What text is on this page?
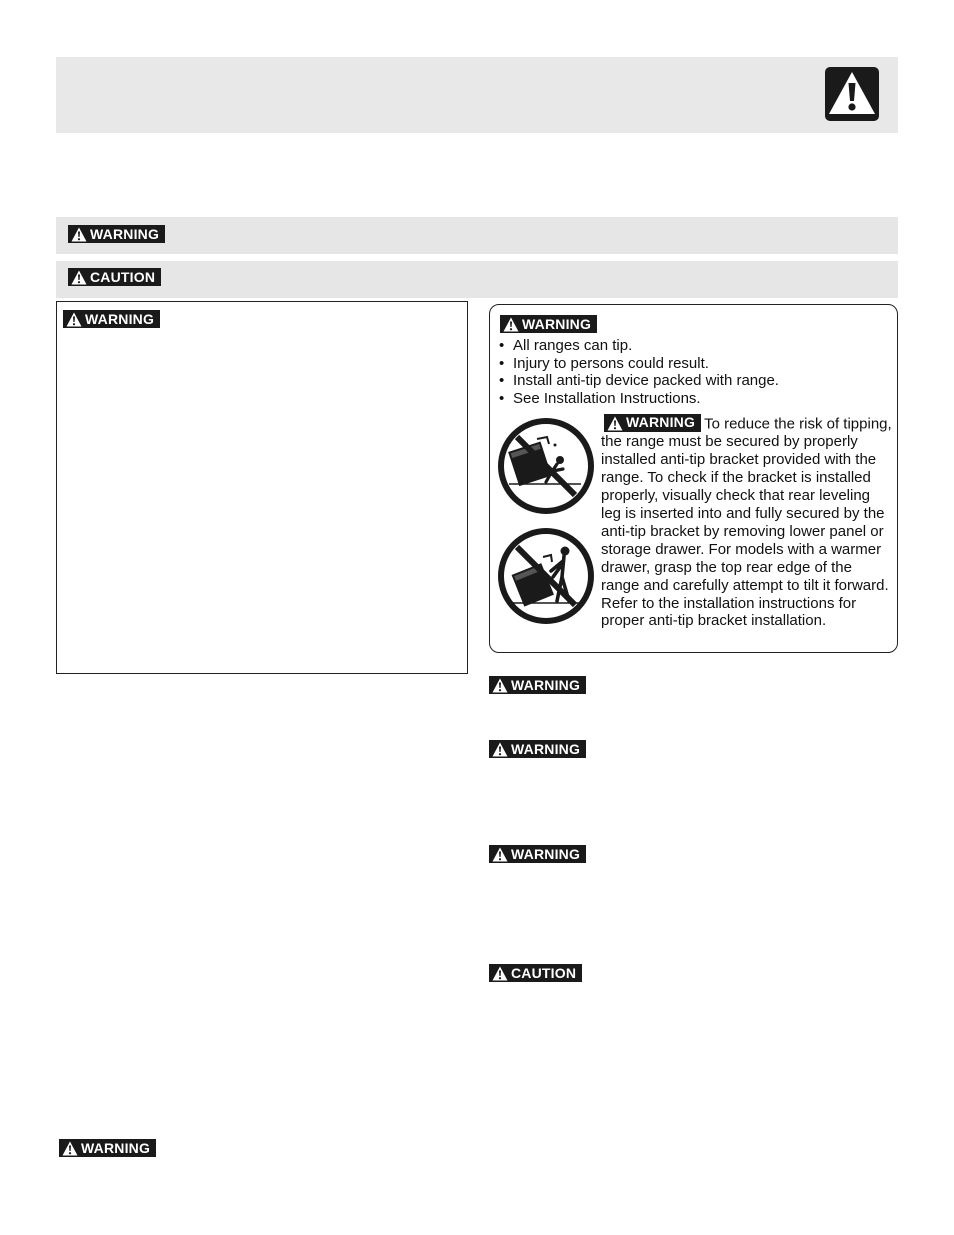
WARNING
CAUTION
WARNING	WARNING
• All ranges can tip.
• Injury to persons could result.
• Install anti-tip device packed with range.
• See Installation Instructions.

WARNING To reduce the risk of tipping, the range must be secured by properly installed anti-tip bracket provided with the range. To check if the bracket is installed properly, visually check that rear leveling leg is inserted into and fully secured by the anti-tip bracket by removing lower panel or storage drawer. For models with a warmer drawer, grasp the top rear edge of the range and carefully attempt to tilt it forward. Refer to the installation instructions for proper anti-tip bracket installation.

WARNING
WARNING
WARNING
CAUTION
WARNING
